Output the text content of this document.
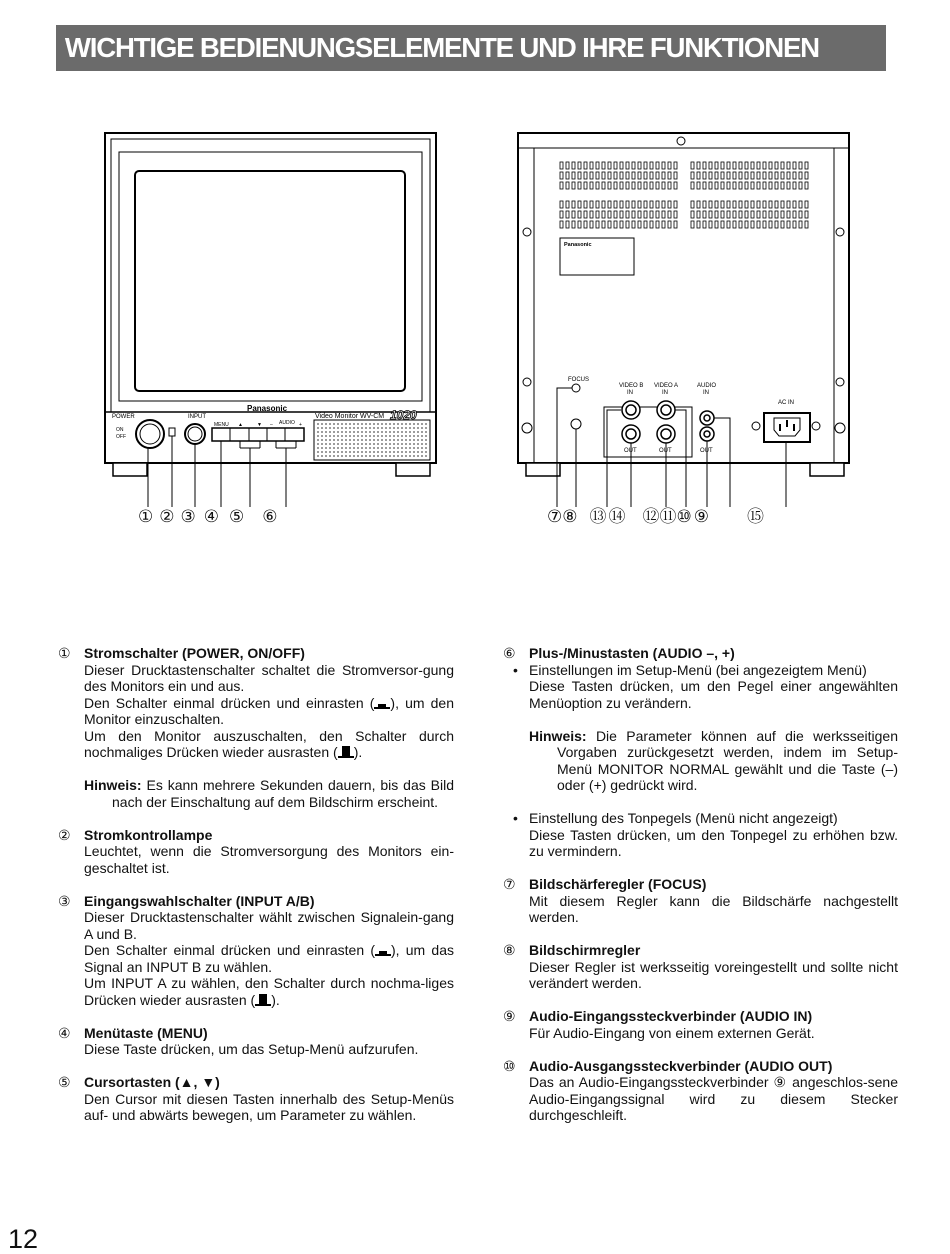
WICHTIGE BEDIENUNGSELEMENTE UND IHRE FUNKTIONEN
POWER
ON
OFF
INPUT
MENU ▲	▼ – AUDIO +
Panasonic
Video Monitor WV-CM 1020
Panasonic
FOCUS
VIDEO B
IN
VIDEO A
IN
AUDIO
IN
OUT	OUT	OUT
AC IN
① ② ③ ④ ⑤ ⑥	⑦⑧ ⑬ ⑭ ⑫⑪⑩ ⑨ ⑮
① Stromschalter (POWER, ON/OFF)
Dieser Drucktastenschalter schaltet die Stromversor-gung des Monitors ein und aus.
Den Schalter einmal drücken und einrasten ( ), um den Monitor einzuschalten.
Um den Monitor auszuschalten, den Schalter durch nochmaliges Drücken wieder ausrasten ( ).
Hinweis: Es kann mehrere Sekunden dauern, bis das Bild nach der Einschaltung auf dem Bildschirm erscheint.
② Stromkontrollampe
Leuchtet, wenn die Stromversorgung des Monitors ein-geschaltet ist.
③ Eingangswahlschalter (INPUT A/B)
Dieser Drucktastenschalter wählt zwischen Signalein-gang A und B.
Den Schalter einmal drücken und einrasten ( ), um das Signal an INPUT B zu wählen.
Um INPUT A zu wählen, den Schalter durch nochma-liges Drücken wieder ausrasten ( ).
④ Menütaste (MENU)
Diese Taste drücken, um das Setup-Menü aufzurufen.
⑤ Cursortasten (▲, ▼)
Den Cursor mit diesen Tasten innerhalb des Setup-Menüs auf- und abwärts bewegen, um Parameter zu wählen.
⑥ Plus-/Minustasten (AUDIO –, +)
• Einstellungen im Setup-Menü (bei angezeigtem Menü)
Diese Tasten drücken, um den Pegel einer angewählten Menüoption zu verändern.
Hinweis: Die Parameter können auf die werksseitigen Vorgaben zurückgesetzt werden, indem im Setup-Menü MONITOR NORMAL gewählt und die Taste (–) oder (+) gedrückt wird.
• Einstellung des Tonpegels (Menü nicht angezeigt)
Diese Tasten drücken, um den Tonpegel zu erhöhen bzw. zu vermindern.
⑦ Bildschärferegler (FOCUS)
Mit diesem Regler kann die Bildschärfe nachgestellt werden.
⑧ Bildschirmregler
Dieser Regler ist werksseitig voreingestellt und sollte nicht verändert werden.
⑨ Audio-Eingangssteckverbinder (AUDIO IN)
Für Audio-Eingang von einem externen Gerät.
⑩ Audio-Ausgangssteckverbinder (AUDIO OUT)
Das an Audio-Eingangssteckverbinder ⑨ angeschlos-sene Audio-Eingangssignal wird zu diesem Stecker durchgeschleift.
12
